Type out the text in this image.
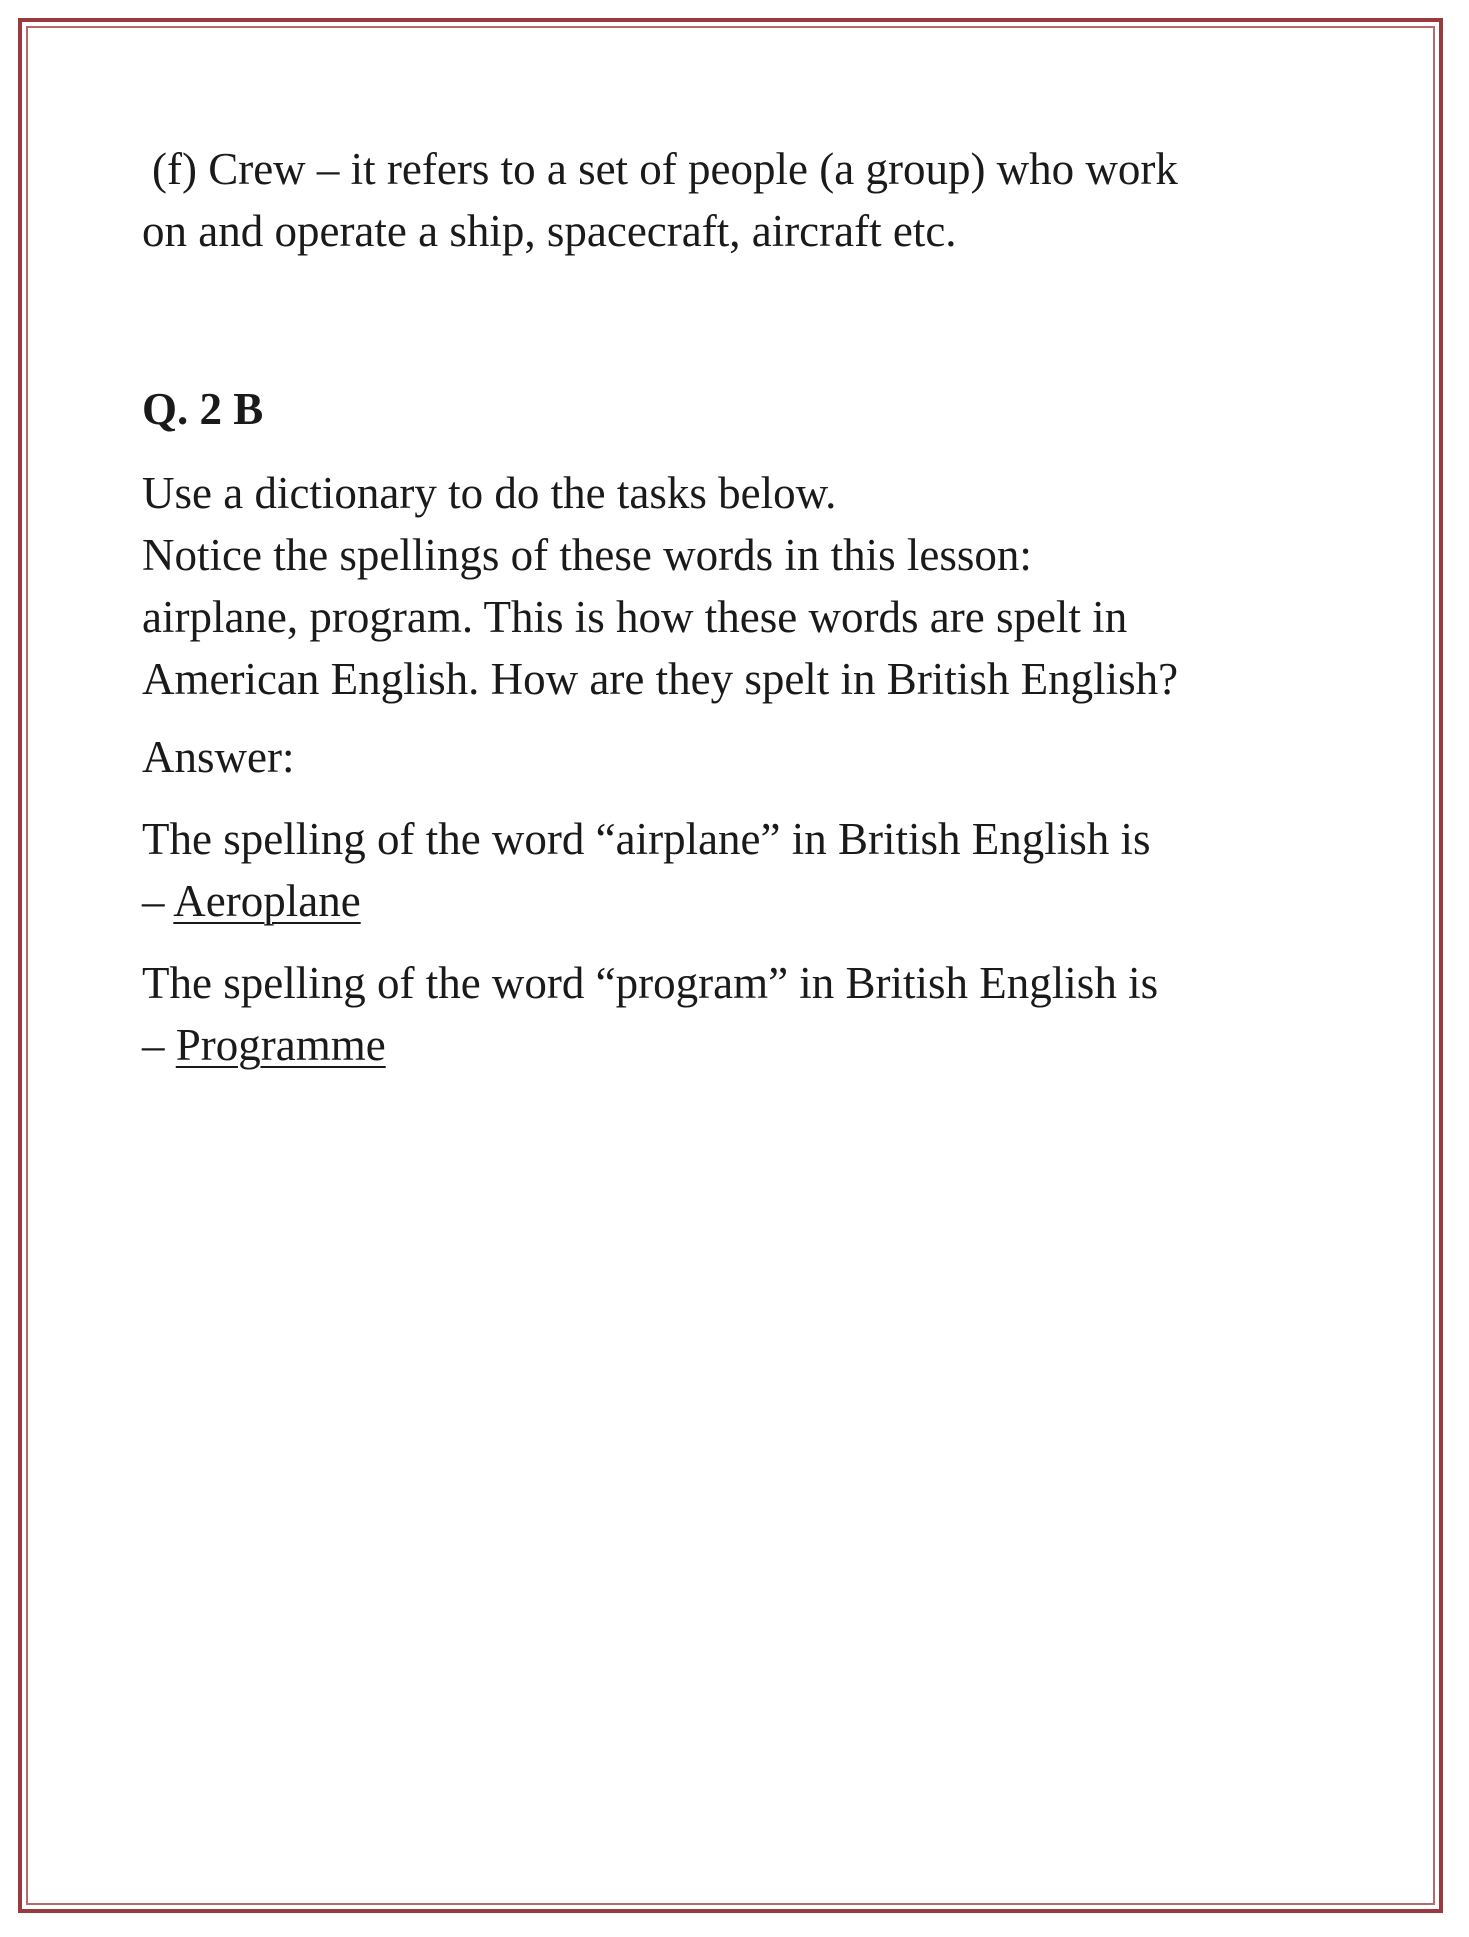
(f) Crew – it refers to a set of people (a group) who work

on and operate a ship, spacecraft, aircraft etc.

Q. 2 B

Use a dictionary to do the tasks below.

Notice the spellings of these words in this lesson:

airplane, program. This is how these words are spelt in

American English. How are they spelt in British English?

Answer:

The spelling of the word “airplane” in British English is

– Aeroplane

The spelling of the word “program” in British English is

– Programme
